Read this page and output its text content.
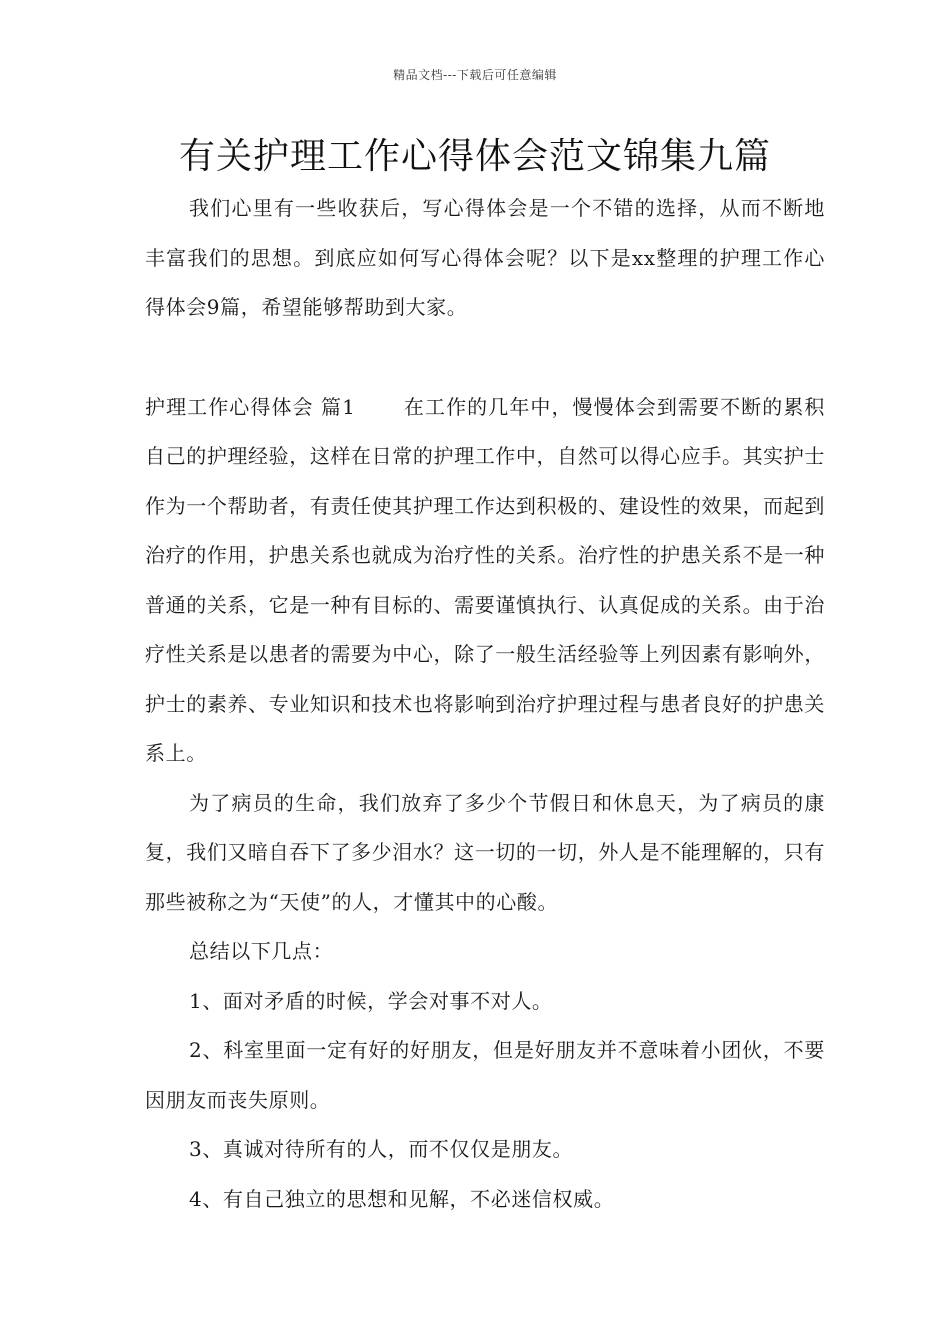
精品文档---下载后可任意编辑
有关护理工作心得体会范文锦集九篇

我们心里有一些收获后，写心得体会是一个不错的选择，从而不断地丰富我们的思想。到底应如何写心得体会呢？以下是xx整理的护理工作心得体会9篇，希望能够帮助到大家。

护理工作心得体会 篇1 在工作的几年中，慢慢体会到需要不断的累积自己的护理经验，这样在日常的护理工作中，自然可以得心应手。其实护士作为一个帮助者，有责任使其护理工作达到积极的、建设性的效果，而起到治疗的作用，护患关系也就成为治疗性的关系。治疗性的护患关系不是一种普通的关系，它是一种有目标的、需要谨慎执行、认真促成的关系。由于治疗性关系是以患者的需要为中心，除了一般生活经验等上列因素有影响外，护士的素养、专业知识和技术也将影响到治疗护理过程与患者良好的护患关系上。

为了病员的生命，我们放弃了多少个节假日和休息天，为了病员的康复，我们又暗自吞下了多少泪水？这一切的一切，外人是不能理解的，只有那些被称之为“天使”的人，才懂其中的心酸。

总结以下几点：

1、面对矛盾的时候，学会对事不对人。

2、科室里面一定有好的好朋友，但是好朋友并不意味着小团伙，不要因朋友而丧失原则。

3、真诚对待所有的人，而不仅仅是朋友。

4、有自己独立的思想和见解，不必迷信权威。
